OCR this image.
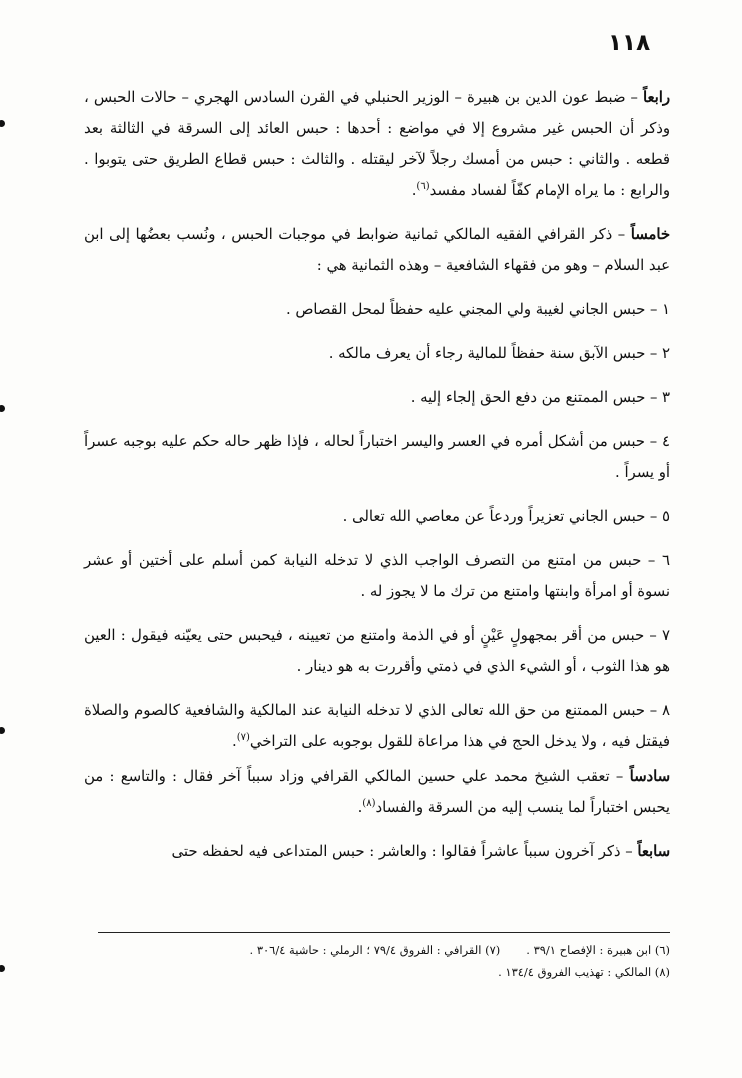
١١٨

رابعاً – ضبط عون الدين بن هبيرة – الوزير الحنبلي في القرن السادس الهجري – حالات الحبس ، وذكر أن الحبس غير مشروع إلا في مواضع : أحدها : حبس العائد إلى السرقة في الثالثة بعد قطعه . والثاني : حبس من أمسك رجلاً لآخر ليقتله . والثالث : حبس قطاع الطريق حتى يتوبوا . والرابع : ما يراه الإمام كفّاً لفساد مفسد$^{(٦)}$.

خامساً – ذكر القرافي الفقيه المالكي ثمانية ضوابط في موجبات الحبس ، ونُسب بعضُها إلى ابن عبد السلام – وهو من فقهاء الشافعية – وهذه الثمانية هي :

١ – حبس الجاني لغيبة ولي المجني عليه حفظاً لمحل القصاص .

٢ – حبس الآبق سنة حفظاً للمالية رجاء أن يعرف مالكه .

٣ – حبس الممتنع من دفع الحق إلجاء إليه .

٤ – حبس من أشكل أمره في العسر واليسر اختباراً لحاله ، فإذا ظهر حاله حكم عليه بوجبه عسراً أو يسراً .

٥ – حبس الجاني تعزيراً وردعاً عن معاصي الله تعالى .

٦ – حبس من امتنع من التصرف الواجب الذي لا تدخله النيابة كمن أسلم على أختين أو عشر نسوة أو امرأة وابنتها وامتنع من ترك ما لا يجوز له .

٧ – حبس من أقر بمجهولٍ عَيْنٍ أو في الذمة وامتنع من تعيينه ، فيحبس حتى يعيّنه فيقول : العين هو هذا الثوب ، أو الشيء الذي في ذمتي وأقررت به هو دينار .

٨ – حبس الممتنع من حق الله تعالى الذي لا تدخله النيابة عند المالكية والشافعية كالصوم والصلاة فيقتل فيه ، ولا يدخل الحج في هذا مراعاة للقول بوجوبه على التراخي$^{(٧)}$.

سادساً – تعقب الشيخ محمد علي حسين المالكي القرافي وزاد سبباً آخر فقال : والتاسع : من يحبس اختباراً لما ينسب إليه من السرقة والفساد$^{(٨)}$.

سابعاً – ذكر آخرون سبباً عاشراً فقالوا : والعاشر : حبس المتداعى فيه لحفظه حتى

(٦) ابن هبيرة : الإفصاح ٣٩/١ .
(٧) القرافي : الفروق ٧٩/٤ ؛ الرملي : حاشية ٣٠٦/٤ .
(٨) المالكي : تهذيب الفروق ١٣٤/٤ .
